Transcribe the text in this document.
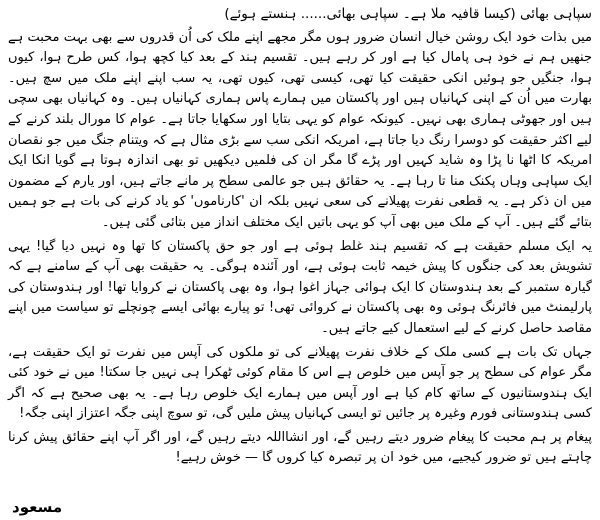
سپاہی بھائی (کیسا قافیہ ملا ہے۔ سپاہی بھائی...... ہنستے ہوئے)

میں بذات خود ایک روشن خیال انسان ضرور ہوں مگر مجھے اپنے ملک کی اُن قدروں سے بھی بہت محبت ہے جنھیں ہم نے خود ہی پامال کیا ہے اور کر رہے ہیں۔ تقسیم ہند کے بعد کیا کچھ ہوا، کس طرح ہوا، کیوں ہوا، جنگیں جو ہوئیں انکی حقیقت کیا تھی، کیسی تھی، کیوں تھی، یہ سب اپنے اپنے ملک میں سچ ہیں۔ بھارت میں اُن کے اپنی کہانیاں ہیں اور پاکستان میں ہمارے پاس ہماری کہانیاں ہیں۔ وہ کہانیاں بھی سچی ہیں اور جھوٹی ہماری بھی نہیں۔ کیونکہ عوام کو یہی بتایا اور سکھایا جاتا ہے۔ عوام کا مورال بلند کرنے کے لیے اکثر حقیقت کو دوسرا رنگ دیا جاتا ہے، امریکہ انکی سب سے بڑی مثال ہے کہ ویتنام جنگ میں جو نقصان امریکہ کا اٹھا نا پڑا وہ شاید کہیں اور پڑے گا مگر ان کی فلمیں دیکھیں تو بھی اندازہ ہوتا ہے گویا انکا ایک ایک سپاہی وہاں پکنک منا تا رہا ہے۔ یہ حقائق ہیں جو عالمی سطح پر مانے جاتے ہیں، اور یارم کے مضمون میں ان ذکر ہے۔ یہ قطعی نفرت پھیلانے کی سعی نہیں بلکہ ان 'کارناموں' کو یاد کرنے کی بات ہے جو ہمیں بتائے گئے ہیں۔ آپ کے ملک میں بھی آپ کو یہی باتیں ایک مختلف انداز میں بتائی گئی ہیں۔

یہ ایک مسلم حقیقت ہے کہ تقسیم ہند غلط ہوئی ہے اور جو حق پاکستان کا تھا وہ نہیں دیا گیا! یہی تشویش بعد کی جنگوں کا پیش خیمہ ثابت ہوئی ہے، اور آئندہ ہوگی۔ یہ حقیقت بھی آپ کے سامنے ہے کہ گیارہ ستمبر کے بعد ہندوستان کا ایک ہوائی جہاز اغوا ہوا، وہ بھی پاکستان نے کروایا تھا! اور ہندوستان کی پارلیمنٹ میں فائرنگ ہوئی وہ بھی پاکستان نے کروائی تھی! تو پیارے بھائی ایسے چونچلے تو سیاست میں اپنے مقاصد حاصل کرنے کے لیے استعمال کیے جاتے ہیں۔

جہاں تک بات ہے کسی ملک کے خلاف نفرت پھیلانے کی تو ملکوں کی آپس میں نفرت تو ایک حقیقت ہے، مگر عوام کی سطح پر جو آپس میں خلوص ہے اس کا مقام کوئی ٹھکرا ہی نہیں جا سکتا! میں نے خود کئی ایک ہندوستانیوں کے ساتھ کام کیا ہے اور آپس میں ہمارے ایک خلوص رہا ہے۔ یہ بھی صحیح ہے کہ اگر کسی ہندوستانی فورم وغیرہ پر جائیں تو ایسی کہانیاں پیش ملیں گی، تو سوچ اپنی جگہ اعتزاز اپنی جگہ!

پیغام پر ہم محبت کا پیغام ضرور دیتے رہیں گے، اور انشااللہ دیتے رہیں گے، اور اگر آپ اپنے حقائق پیش کرنا چاہتے ہیں تو ضرور کیجیے، میں خود ان پر تبصرہ کیا کروں گا — خوش رہیے!

مسعود
